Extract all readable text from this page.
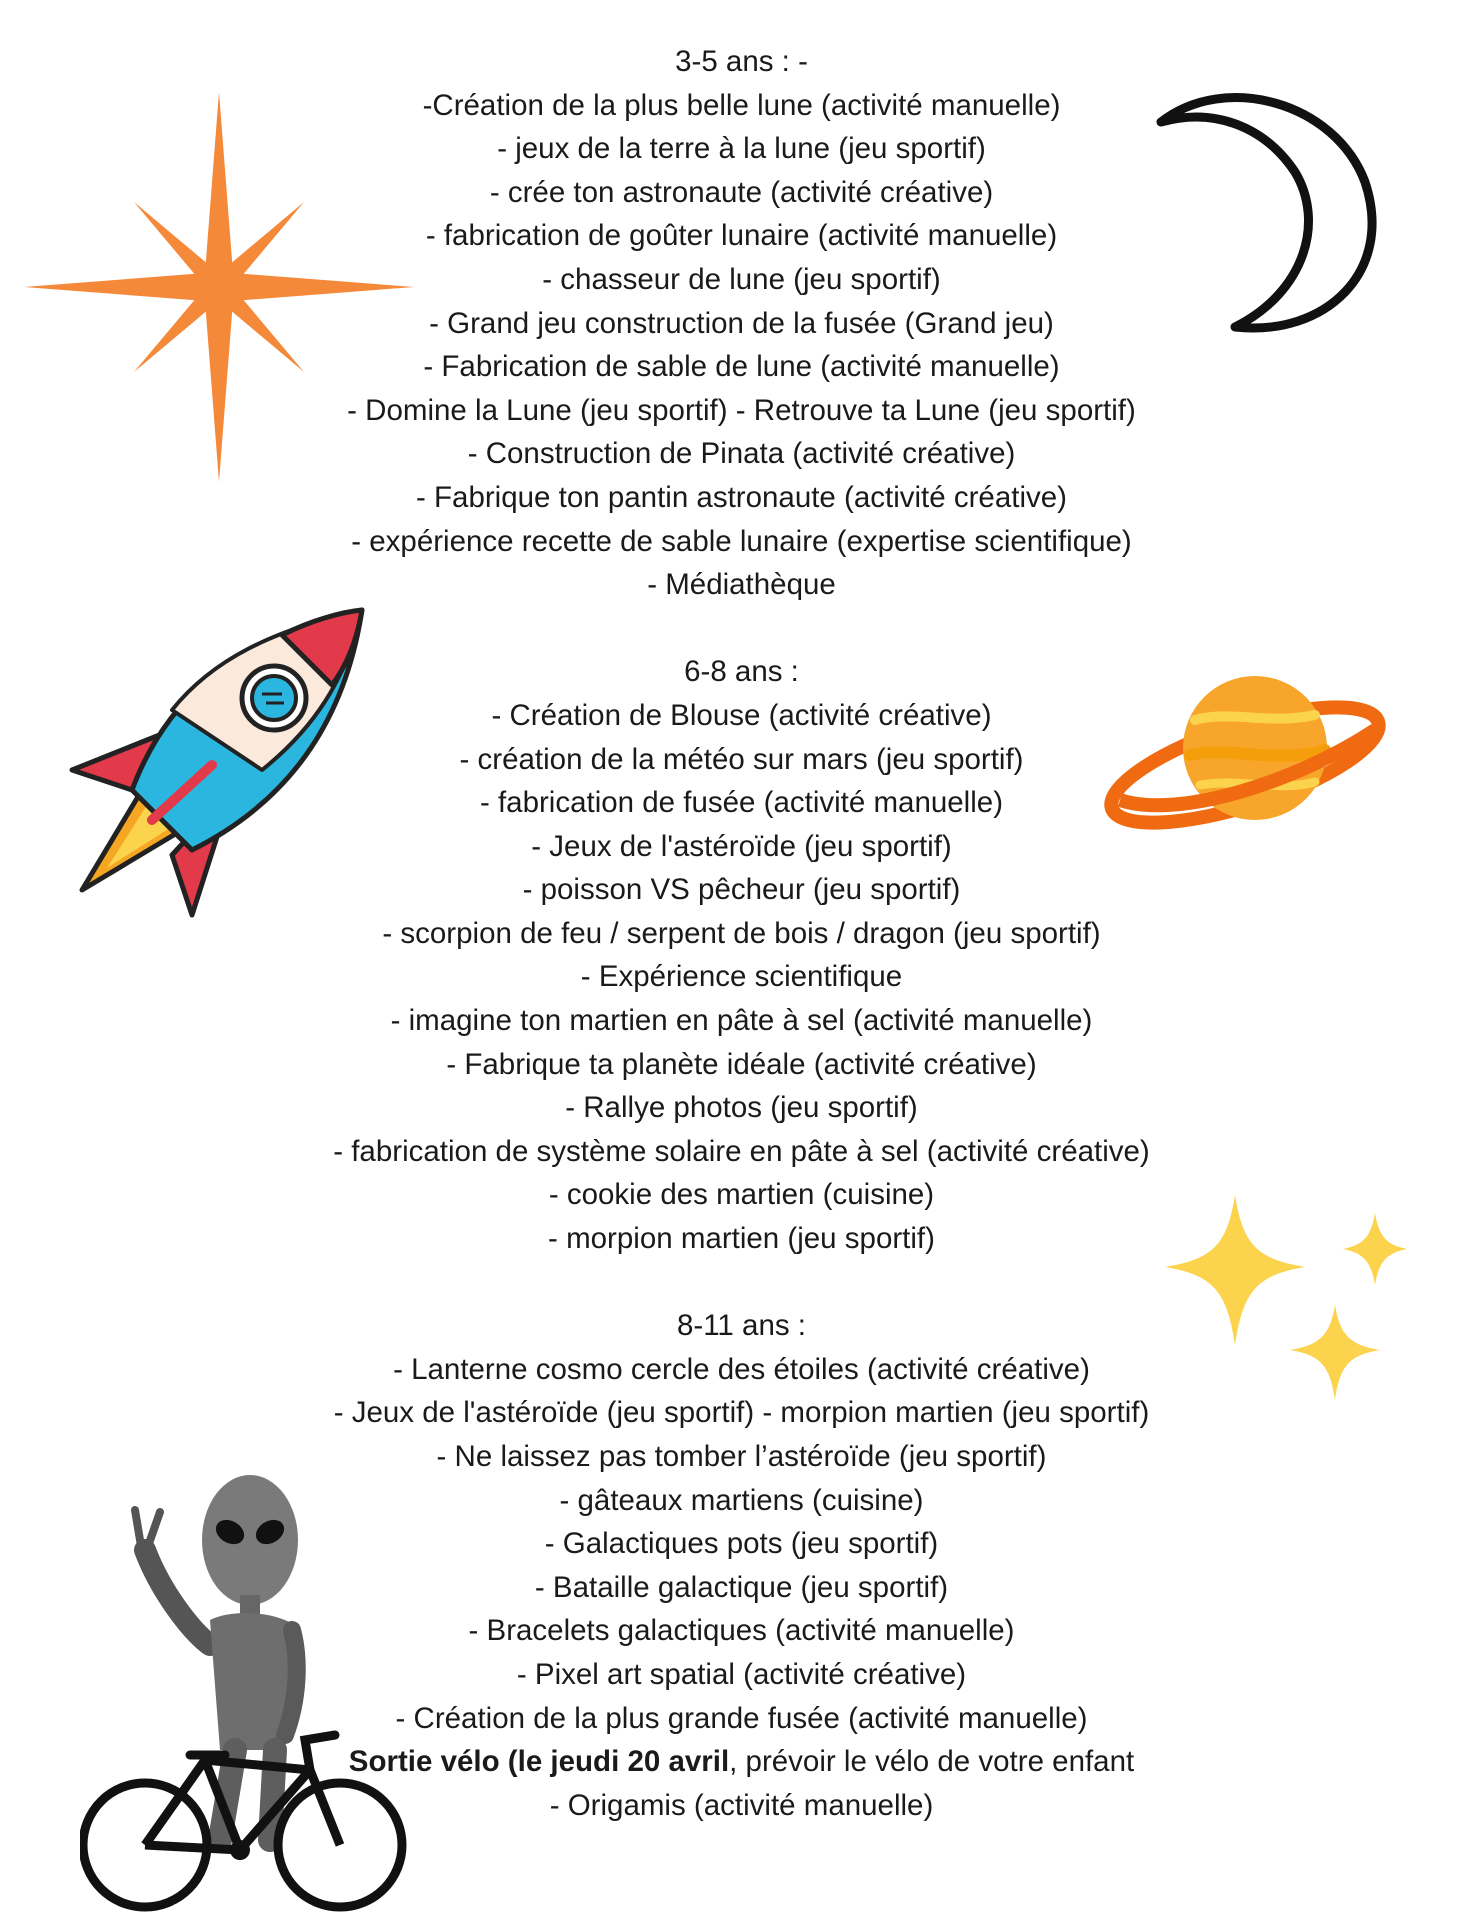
3-5 ans : -
-Création de la plus belle lune (activité manuelle)
- jeux de la terre à la lune (jeu sportif)
- crée ton astronaute (activité créative)
- fabrication de goûter lunaire (activité manuelle)
- chasseur de lune (jeu sportif)
- Grand jeu construction de la fusée (Grand jeu)
- Fabrication de sable de lune (activité manuelle)
- Domine la Lune (jeu sportif) - Retrouve ta Lune (jeu sportif)
- Construction de Pinata (activité créative)
- Fabrique ton pantin astronaute (activité créative)
- expérience recette de sable lunaire (expertise scientifique)
- Médiathèque
6-8 ans :
- Création de Blouse (activité créative)
- création de la météo sur mars (jeu sportif)
- fabrication de fusée (activité manuelle)
- Jeux de l'astéroïde (jeu sportif)
- poisson VS pêcheur (jeu sportif)
- scorpion de feu / serpent de bois / dragon (jeu sportif)
- Expérience scientifique
- imagine ton martien en pâte à sel (activité manuelle)
- Fabrique ta planète idéale (activité créative)
- Rallye photos (jeu sportif)
- fabrication de système solaire en pâte à sel (activité créative)
- cookie des martien (cuisine)
- morpion martien (jeu sportif)
8-11 ans :
- Lanterne cosmo cercle des étoiles (activité créative)
- Jeux de l'astéroïde (jeu sportif) - morpion martien (jeu sportif)
- Ne laissez pas tomber l’astéroïde (jeu sportif)
- gâteaux martiens (cuisine)
- Galactiques pots (jeu sportif)
- Bataille galactique (jeu sportif)
- Bracelets galactiques (activité manuelle)
- Pixel art spatial (activité créative)
- Création de la plus grande fusée (activité manuelle)
Sortie vélo (le jeudi 20 avril, prévoir le vélo de votre enfant
- Origamis (activité manuelle)
